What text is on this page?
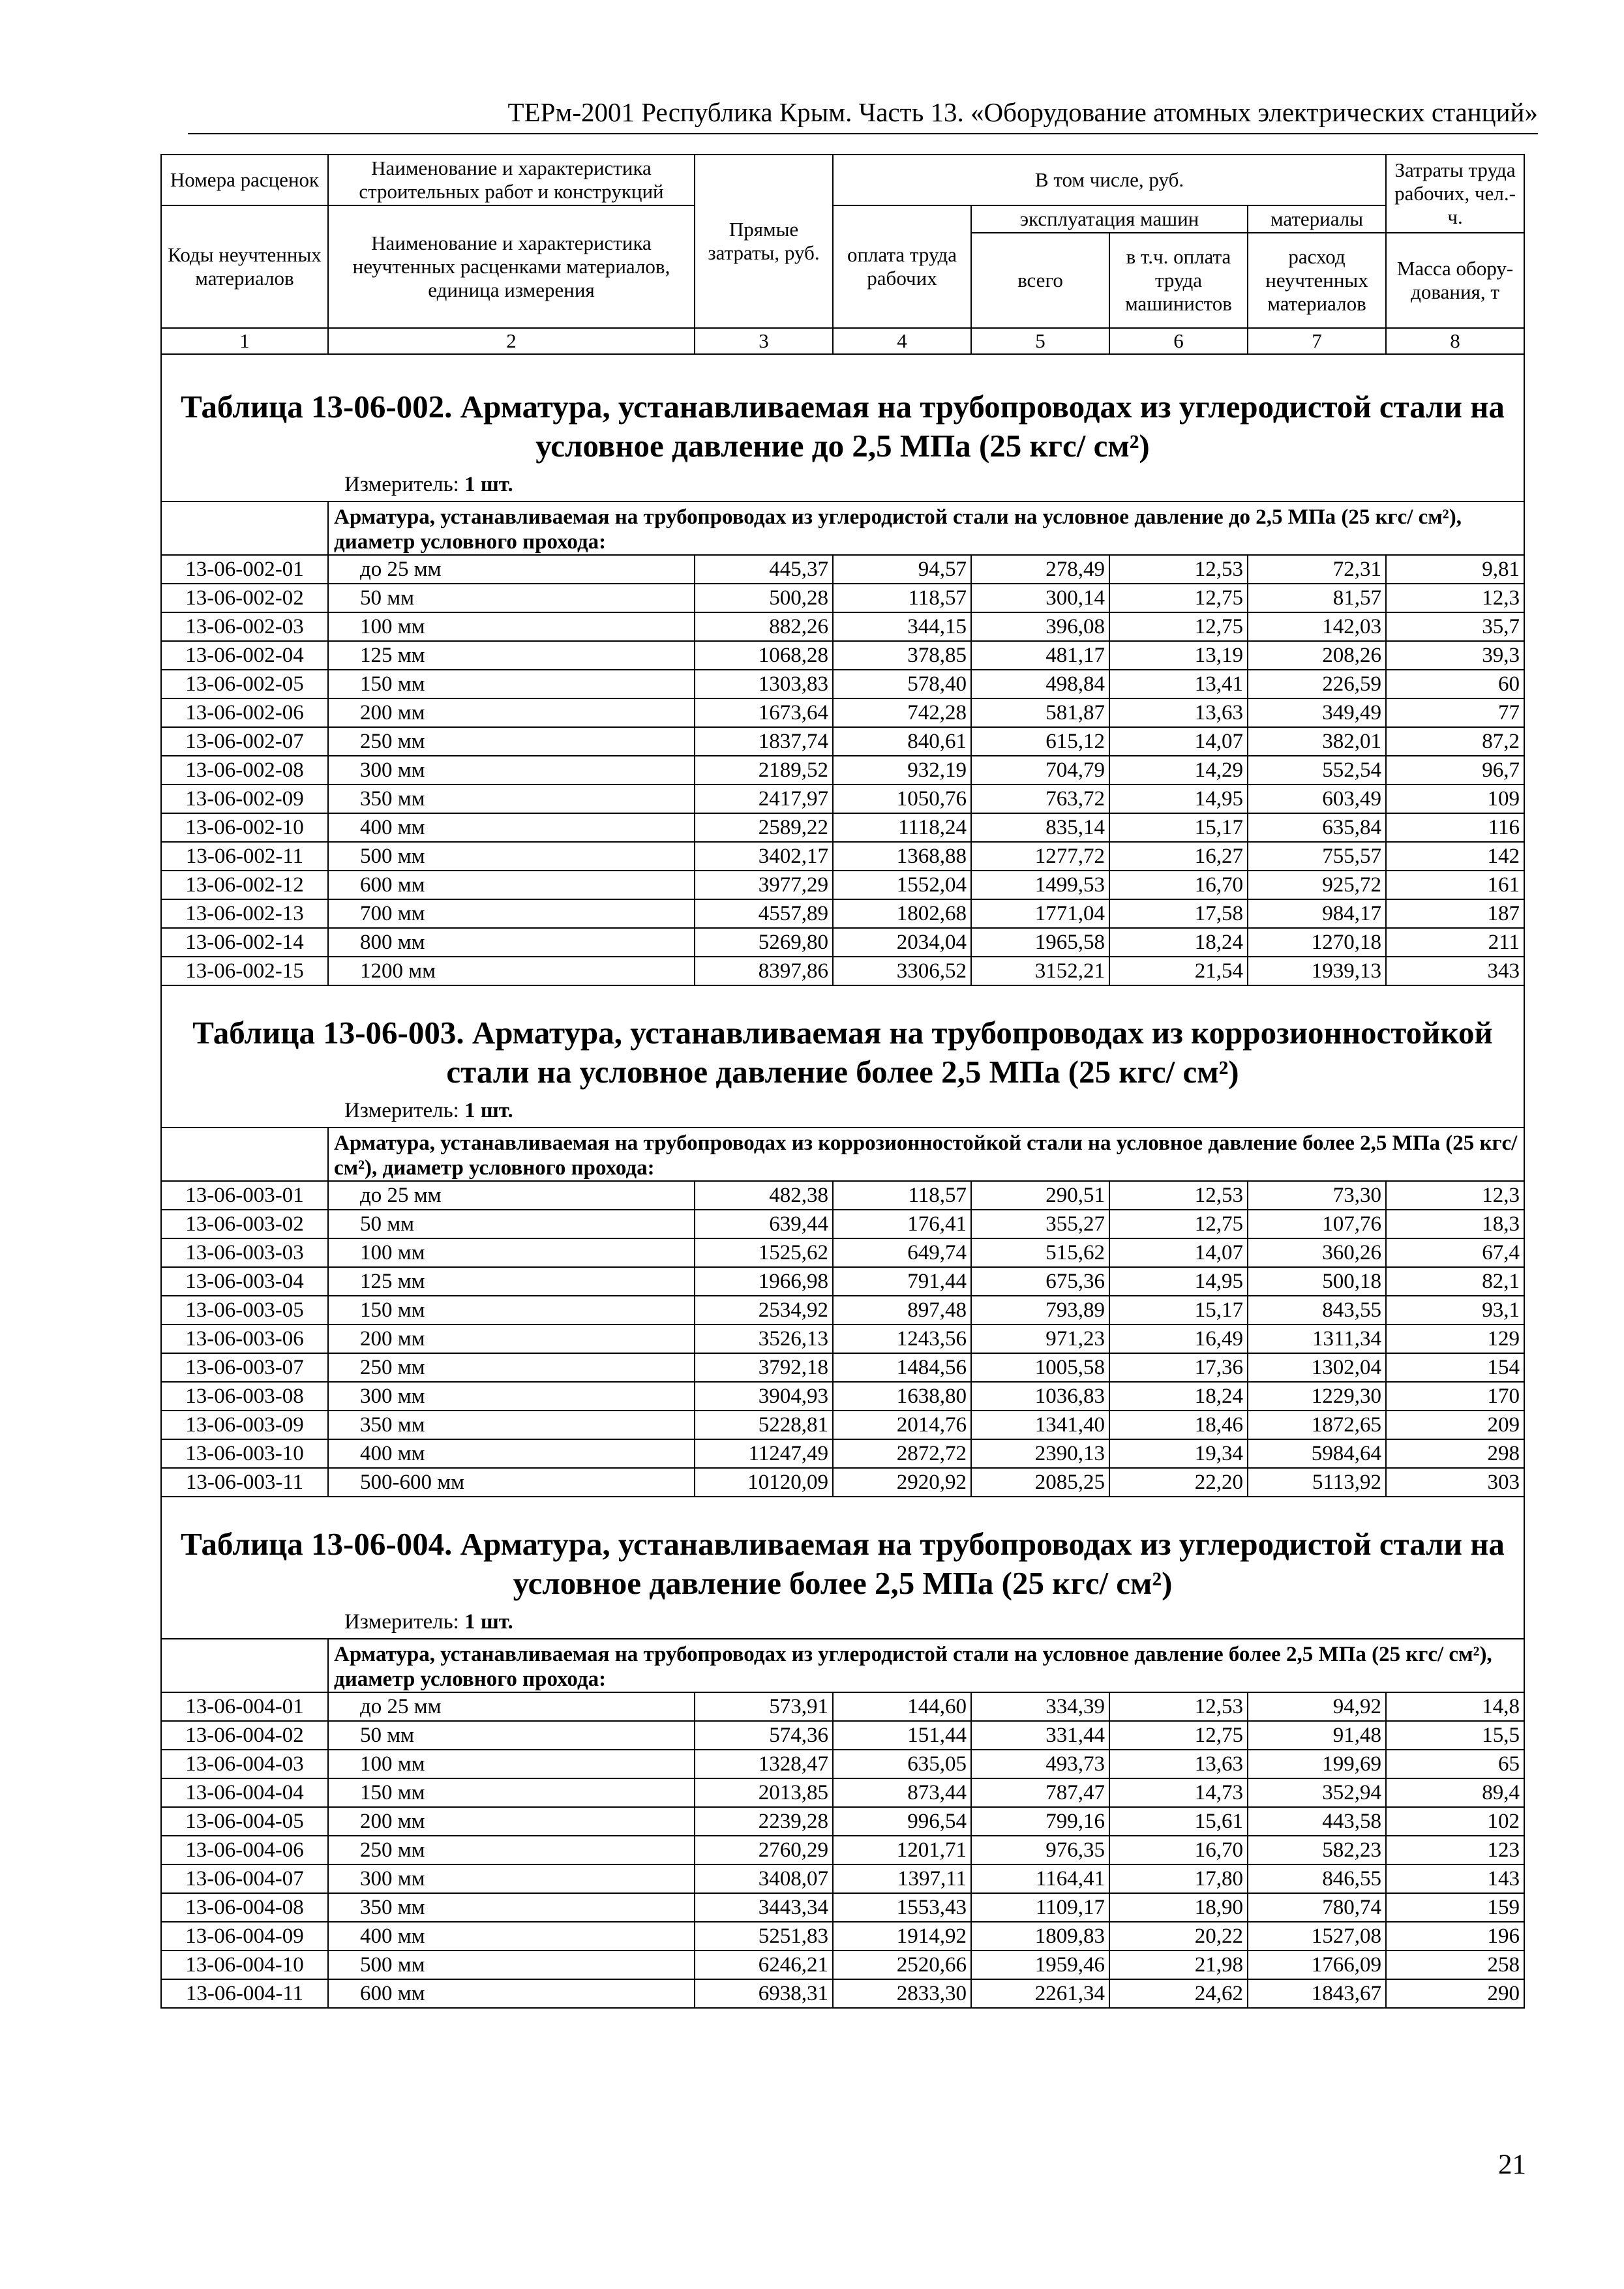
ТЕРм-2001 Республика Крым. Часть 13. «Оборудование атомных электрических станций»
Номера расценок	Наименование и характеристика строительных работ и конструкций	Прямые затраты, руб.	В том числе, руб.				Затраты труда рабочих, чел.-ч.
Коды неучтенных материалов	Наименование и характеристика неучтенных расценками материалов, единица измерения		оплата труда рабочих	эксплуатация машин		материалы	
				всего	в т.ч. оплата труда машинистов	расход неучтенных материалов	Масса обору-дования, т
1	2	3	4	5	6	7	8
Таблица 13-06-002. Арматура, устанавливаемая на трубопроводах из углеродистой стали на условное давление до 2,5 МПа (25 кгс/ см²)							
Измеритель: 1 шт.							
	Арматура, устанавливаемая на трубопроводах из углеродистой стали на условное давление до 2,5 МПа (25 кгс/ см²), диаметр условного прохода:						
13-06-002-01	до 25 мм	445,37	94,57	278,49	12,53	72,31	9,81
13-06-002-02	50 мм	500,28	118,57	300,14	12,75	81,57	12,3
13-06-002-03	100 мм	882,26	344,15	396,08	12,75	142,03	35,7
13-06-002-04	125 мм	1068,28	378,85	481,17	13,19	208,26	39,3
13-06-002-05	150 мм	1303,83	578,40	498,84	13,41	226,59	60
13-06-002-06	200 мм	1673,64	742,28	581,87	13,63	349,49	77
13-06-002-07	250 мм	1837,74	840,61	615,12	14,07	382,01	87,2
13-06-002-08	300 мм	2189,52	932,19	704,79	14,29	552,54	96,7
13-06-002-09	350 мм	2417,97	1050,76	763,72	14,95	603,49	109
13-06-002-10	400 мм	2589,22	1118,24	835,14	15,17	635,84	116
13-06-002-11	500 мм	3402,17	1368,88	1277,72	16,27	755,57	142
13-06-002-12	600 мм	3977,29	1552,04	1499,53	16,70	925,72	161
13-06-002-13	700 мм	4557,89	1802,68	1771,04	17,58	984,17	187
13-06-002-14	800 мм	5269,80	2034,04	1965,58	18,24	1270,18	211
13-06-002-15	1200 мм	8397,86	3306,52	3152,21	21,54	1939,13	343
Таблица 13-06-003. Арматура, устанавливаемая на трубопроводах из коррозионностойкой стали на условное давление более 2,5 МПа (25 кгс/ см²)							
Измеритель: 1 шт.							
	Арматура, устанавливаемая на трубопроводах из коррозионностойкой стали на условное давление более 2,5 МПа (25 кгс/ см²), диаметр условного прохода:						
13-06-003-01	до 25 мм	482,38	118,57	290,51	12,53	73,30	12,3
13-06-003-02	50 мм	639,44	176,41	355,27	12,75	107,76	18,3
13-06-003-03	100 мм	1525,62	649,74	515,62	14,07	360,26	67,4
13-06-003-04	125 мм	1966,98	791,44	675,36	14,95	500,18	82,1
13-06-003-05	150 мм	2534,92	897,48	793,89	15,17	843,55	93,1
13-06-003-06	200 мм	3526,13	1243,56	971,23	16,49	1311,34	129
13-06-003-07	250 мм	3792,18	1484,56	1005,58	17,36	1302,04	154
13-06-003-08	300 мм	3904,93	1638,80	1036,83	18,24	1229,30	170
13-06-003-09	350 мм	5228,81	2014,76	1341,40	18,46	1872,65	209
13-06-003-10	400 мм	11247,49	2872,72	2390,13	19,34	5984,64	298
13-06-003-11	500-600 мм	10120,09	2920,92	2085,25	22,20	5113,92	303
Таблица 13-06-004. Арматура, устанавливаемая на трубопроводах из углеродистой стали на условное давление более 2,5 МПа (25 кгс/ см²)							
Измеритель: 1 шт.							
	Арматура, устанавливаемая на трубопроводах из углеродистой стали на условное давление более 2,5 МПа (25 кгс/ см²), диаметр условного прохода:						
13-06-004-01	до 25 мм	573,91	144,60	334,39	12,53	94,92	14,8
13-06-004-02	50 мм	574,36	151,44	331,44	12,75	91,48	15,5
13-06-004-03	100 мм	1328,47	635,05	493,73	13,63	199,69	65
13-06-004-04	150 мм	2013,85	873,44	787,47	14,73	352,94	89,4
13-06-004-05	200 мм	2239,28	996,54	799,16	15,61	443,58	102
13-06-004-06	250 мм	2760,29	1201,71	976,35	16,70	582,23	123
13-06-004-07	300 мм	3408,07	1397,11	1164,41	17,80	846,55	143
13-06-004-08	350 мм	3443,34	1553,43	1109,17	18,90	780,74	159
13-06-004-09	400 мм	5251,83	1914,92	1809,83	20,22	1527,08	196
13-06-004-10	500 мм	6246,21	2520,66	1959,46	21,98	1766,09	258
13-06-004-11	600 мм	6938,31	2833,30	2261,34	24,62	1843,67	290
21
